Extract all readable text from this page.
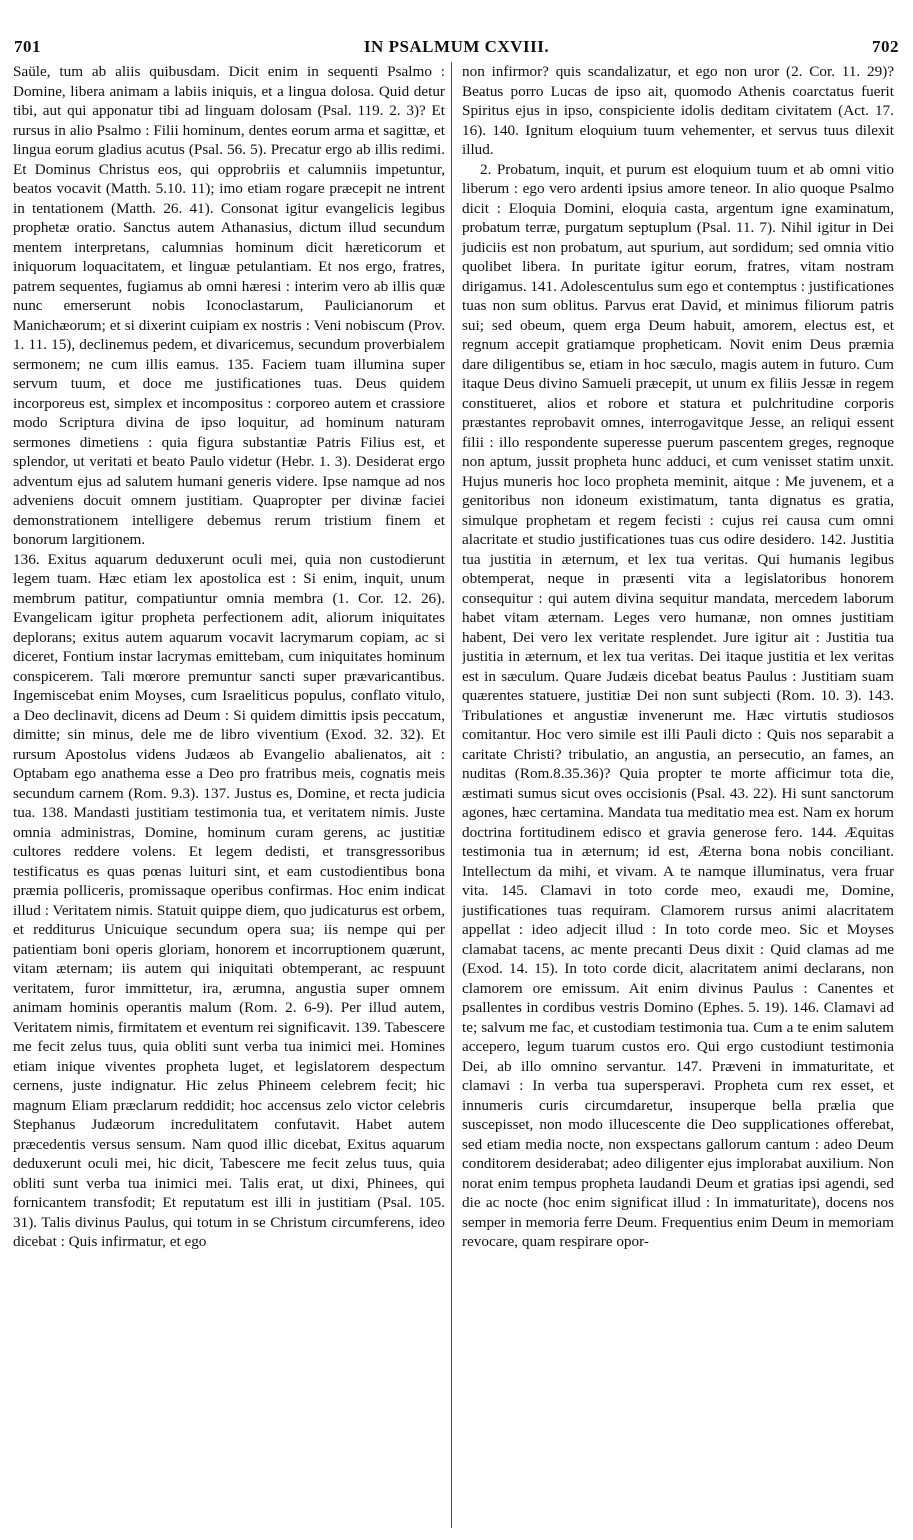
701	IN PSALMUM CXVIII.	702

Saüle, tum ab aliis quibusdam. Dicit enim in sequenti Psalmo : Domine, libera animam a labiis iniquis, et a lingua dolosa. Quid detur tibi, aut qui apponatur tibi ad linguam dolosam (Psal. 119. 2. 3)? Et rursus in alio Psalmo : Filii hominum, dentes eorum arma et sagittæ, et lingua eorum gladius acutus (Psal. 56. 5). Precatur ergo ab illis redimi. Et Dominus Christus eos, qui opprobriis et calumniis impetuntur, beatos vocavit (Matth. 5.10. 11); imo etiam rogare præcepit ne intrent in tentationem (Matth. 26. 41). Consonat igitur evangelicis legibus prophetæ oratio. Sanctus autem Athanasius, dictum illud secundum mentem interpretans, calumnias hominum dicit hæreticorum et iniquorum loquacitatem, et linguæ petulantiam. Et nos ergo, fratres, patrem sequentes, fugiamus ab omni hæresi : interim vero ab illis quæ nunc emerserunt nobis Iconoclastarum, Paulicianorum et Manichæorum; et si dixerint cuipiam ex nostris : Veni nobiscum (Prov. 1. 11. 15), declinemus pedem, et divaricemus, secundum proverbialem sermonem; ne cum illis eamus. 135. Faciem tuam illumina super servum tuum, et doce me justificationes tuas. Deus quidem incorporeus est, simplex et incompositus : corporeo autem et crassiore modo Scriptura divina de ipso loquitur, ad hominum naturam sermones dimetiens : quia figura substantiæ Patris Filius est, et splendor, ut veritati et beato Paulo videtur (Hebr. 1. 3). Desiderat ergo adventum ejus ad salutem humani generis videre. Ipse namque ad nos adveniens docuit omnem justitiam. Quapropter per divinæ faciei demonstrationem intelligere debemus rerum tristium finem et bonorum largitionem.

136. Exitus aquarum deduxerunt oculi mei, quia non custodierunt legem tuam. Hæc etiam lex apostolica est : Si enim, inquit, unum membrum patitur, compatiuntur omnia membra (1. Cor. 12. 26). Evangelicam igitur propheta perfectionem adit, aliorum iniquitates deplorans; exitus autem aquarum vocavit lacrymarum copiam, ac si diceret, Fontium instar lacrymas emittebam, cum iniquitates hominum conspicerem. Tali mœrore premuntur sancti super prævaricantibus. Ingemiscebat enim Moyses, cum Israeliticus populus, conflato vitulo, a Deo declinavit, dicens ad Deum : Si quidem dimittis ipsis peccatum, dimitte; sin minus, dele me de libro viventium (Exod. 32. 32). Et rursum Apostolus videns Judæos ab Evangelio abalienatos, ait : Optabam ego anathema esse a Deo pro fratribus meis, cognatis meis secundum carnem (Rom. 9.3). 137. Justus es, Domine, et recta judicia tua. 138. Mandasti justitiam testimonia tua, et veritatem nimis. Juste omnia administras, Domine, hominum curam gerens, ac justitiæ cultores reddere volens. Et legem dedisti, et transgressoribus testificatus es quas pœnas luituri sint, et eam custodientibus bona præmia polliceris, promissaque operibus confirmas. Hoc enim indicat illud : Veritatem nimis. Statuit quippe diem, quo judicaturus est orbem, et redditurus Unicuique secundum opera sua; iis nempe qui per patientiam boni operis gloriam, honorem et incorruptionem quærunt, vitam æternam; iis autem qui iniquitati obtemperant, ac respuunt veritatem, furor immittetur, ira, ærumna, angustia super omnem animam hominis operantis malum (Rom. 2. 6-9). Per illud autem, Veritatem nimis, firmitatem et eventum rei significavit. 139. Tabescere me fecit zelus tuus, quia obliti sunt verba tua inimici mei. Homines etiam inique viventes propheta luget, et legislatorem despectum cernens, juste indignatur. Hic zelus Phineem celebrem fecit; hic magnum Eliam præclarum reddidit; hoc accensus zelo victor celebris Stephanus Judæorum incredulitatem confutavit. Habet autem præcedentis versus sensum. Nam quod illic dicebat, Exitus aquarum deduxerunt oculi mei, hic dicit, Tabescere me fecit zelus tuus, quia obliti sunt verba tua inimici mei. Talis erat, ut dixi, Phinees, qui fornicantem transfodit; Et reputatum est illi in justitiam (Psal. 105. 31). Talis divinus Paulus, qui totum in se Christum circumferens, ideo dicebat : Quis infirmatur, et ego

non infirmor? quis scandalizatur, et ego non uror (2. Cor. 11. 29)? Beatus porro Lucas de ipso ait, quomodo Athenis coarctatus fuerit Spiritus ejus in ipso, conspiciente idolis deditam civitatem (Act. 17. 16). 140. Ignitum eloquium tuum vehementer, et servus tuus dilexit illud.

2. Probatum, inquit, et purum est eloquium tuum et ab omni vitio liberum : ego vero ardenti ipsius amore teneor. In alio quoque Psalmo dicit : Eloquia Domini, eloquia casta, argentum igne examinatum, probatum terræ, purgatum septuplum (Psal. 11. 7). Nihil igitur in Dei judiciis est non probatum, aut spurium, aut sordidum; sed omnia vitio quolibet libera. In puritate igitur eorum, fratres, vitam nostram dirigamus. 141. Adolescentulus sum ego et contemptus : justificationes tuas non sum oblitus. Parvus erat David, et minimus filiorum patris sui; sed obeum, quem erga Deum habuit, amorem, electus est, et regnum accepit gratiamque propheticam. Novit enim Deus præmia dare diligentibus se, etiam in hoc sæculo, magis autem in futuro. Cum itaque Deus divino Samueli præcepit, ut unum ex filiis Jessæ in regem constitueret, alios et robore et statura et pulchritudine corporis præstantes reprobavit omnes, interrogavitque Jesse, an reliqui essent filii : illo respondente superesse puerum pascentem greges, regnoque non aptum, jussit propheta hunc adduci, et cum venisset statim unxit. Hujus muneris hoc loco propheta meminit, aitque : Me juvenem, et a genitoribus non idoneum existimatum, tanta dignatus es gratia, simulque prophetam et regem fecisti : cujus rei causa cum omni alacritate et studio justificationes tuas cus odire desidero. 142. Justitia tua justitia in æternum, et lex tua veritas. Qui humanis legibus obtemperat, neque in præsenti vita a legislatoribus honorem consequitur : qui autem divina sequitur mandata, mercedem laborum habet vitam æternam. Leges vero humanæ, non omnes justitiam habent, Dei vero lex veritate resplendet. Jure igitur ait : Justitia tua justitia in æternum, et lex tua veritas. Dei itaque justitia et lex veritas est in sæculum. Quare Judæis dicebat beatus Paulus : Justitiam suam quærentes statuere, justitiæ Dei non sunt subjecti (Rom. 10. 3). 143. Tribulationes et angustiæ invenerunt me. Hæc virtutis studiosos comitantur. Hoc vero simile est illi Pauli dicto : Quis nos separabit a caritate Christi? tribulatio, an angustia, an persecutio, an fames, an nuditas (Rom.8.35.36)? Quia propter te morte afficimur tota die, æstimati sumus sicut oves occisionis (Psal. 43. 22). Hi sunt sanctorum agones, hæc certamina. Mandata tua meditatio mea est. Nam ex horum doctrina fortitudinem edisco et gravia generose fero. 144. Æquitas testimonia tua in æternum; id est, Æterna bona nobis conciliant. Intellectum da mihi, et vivam. A te namque illuminatus, vera fruar vita. 145. Clamavi in toto corde meo, exaudi me, Domine, justificationes tuas requiram. Clamorem rursus animi alacritatem appellat : ideo adjecit illud : In toto corde meo. Sic et Moyses clamabat tacens, ac mente precanti Deus dixit : Quid clamas ad me (Exod. 14. 15). In toto corde dicit, alacritatem animi declarans, non clamorem ore emissum. Ait enim divinus Paulus : Canentes et psallentes in cordibus vestris Domino (Ephes. 5. 19). 146. Clamavi ad te; salvum me fac, et custodiam testimonia tua. Cum a te enim salutem accepero, legum tuarum custos ero. Qui ergo custodiunt testimonia Dei, ab illo omnino servantur. 147. Præveni in immaturitate, et clamavi : In verba tua supersperavi. Propheta cum rex esset, et innumeris curis circumdaretur, insuperque bella prælia que suscepisset, non modo illucescente die Deo supplicationes offerebat, sed etiam media nocte, non exspectans gallorum cantum : adeo Deum conditorem desiderabat; adeo diligenter ejus implorabat auxilium. Non norat enim tempus propheta laudandi Deum et gratias ipsi agendi, sed die ac nocte (hoc enim significat illud : In immaturitate), docens nos semper in memoria ferre Deum. Frequentius enim Deum in memoriam revocare, quam respirare opor-
